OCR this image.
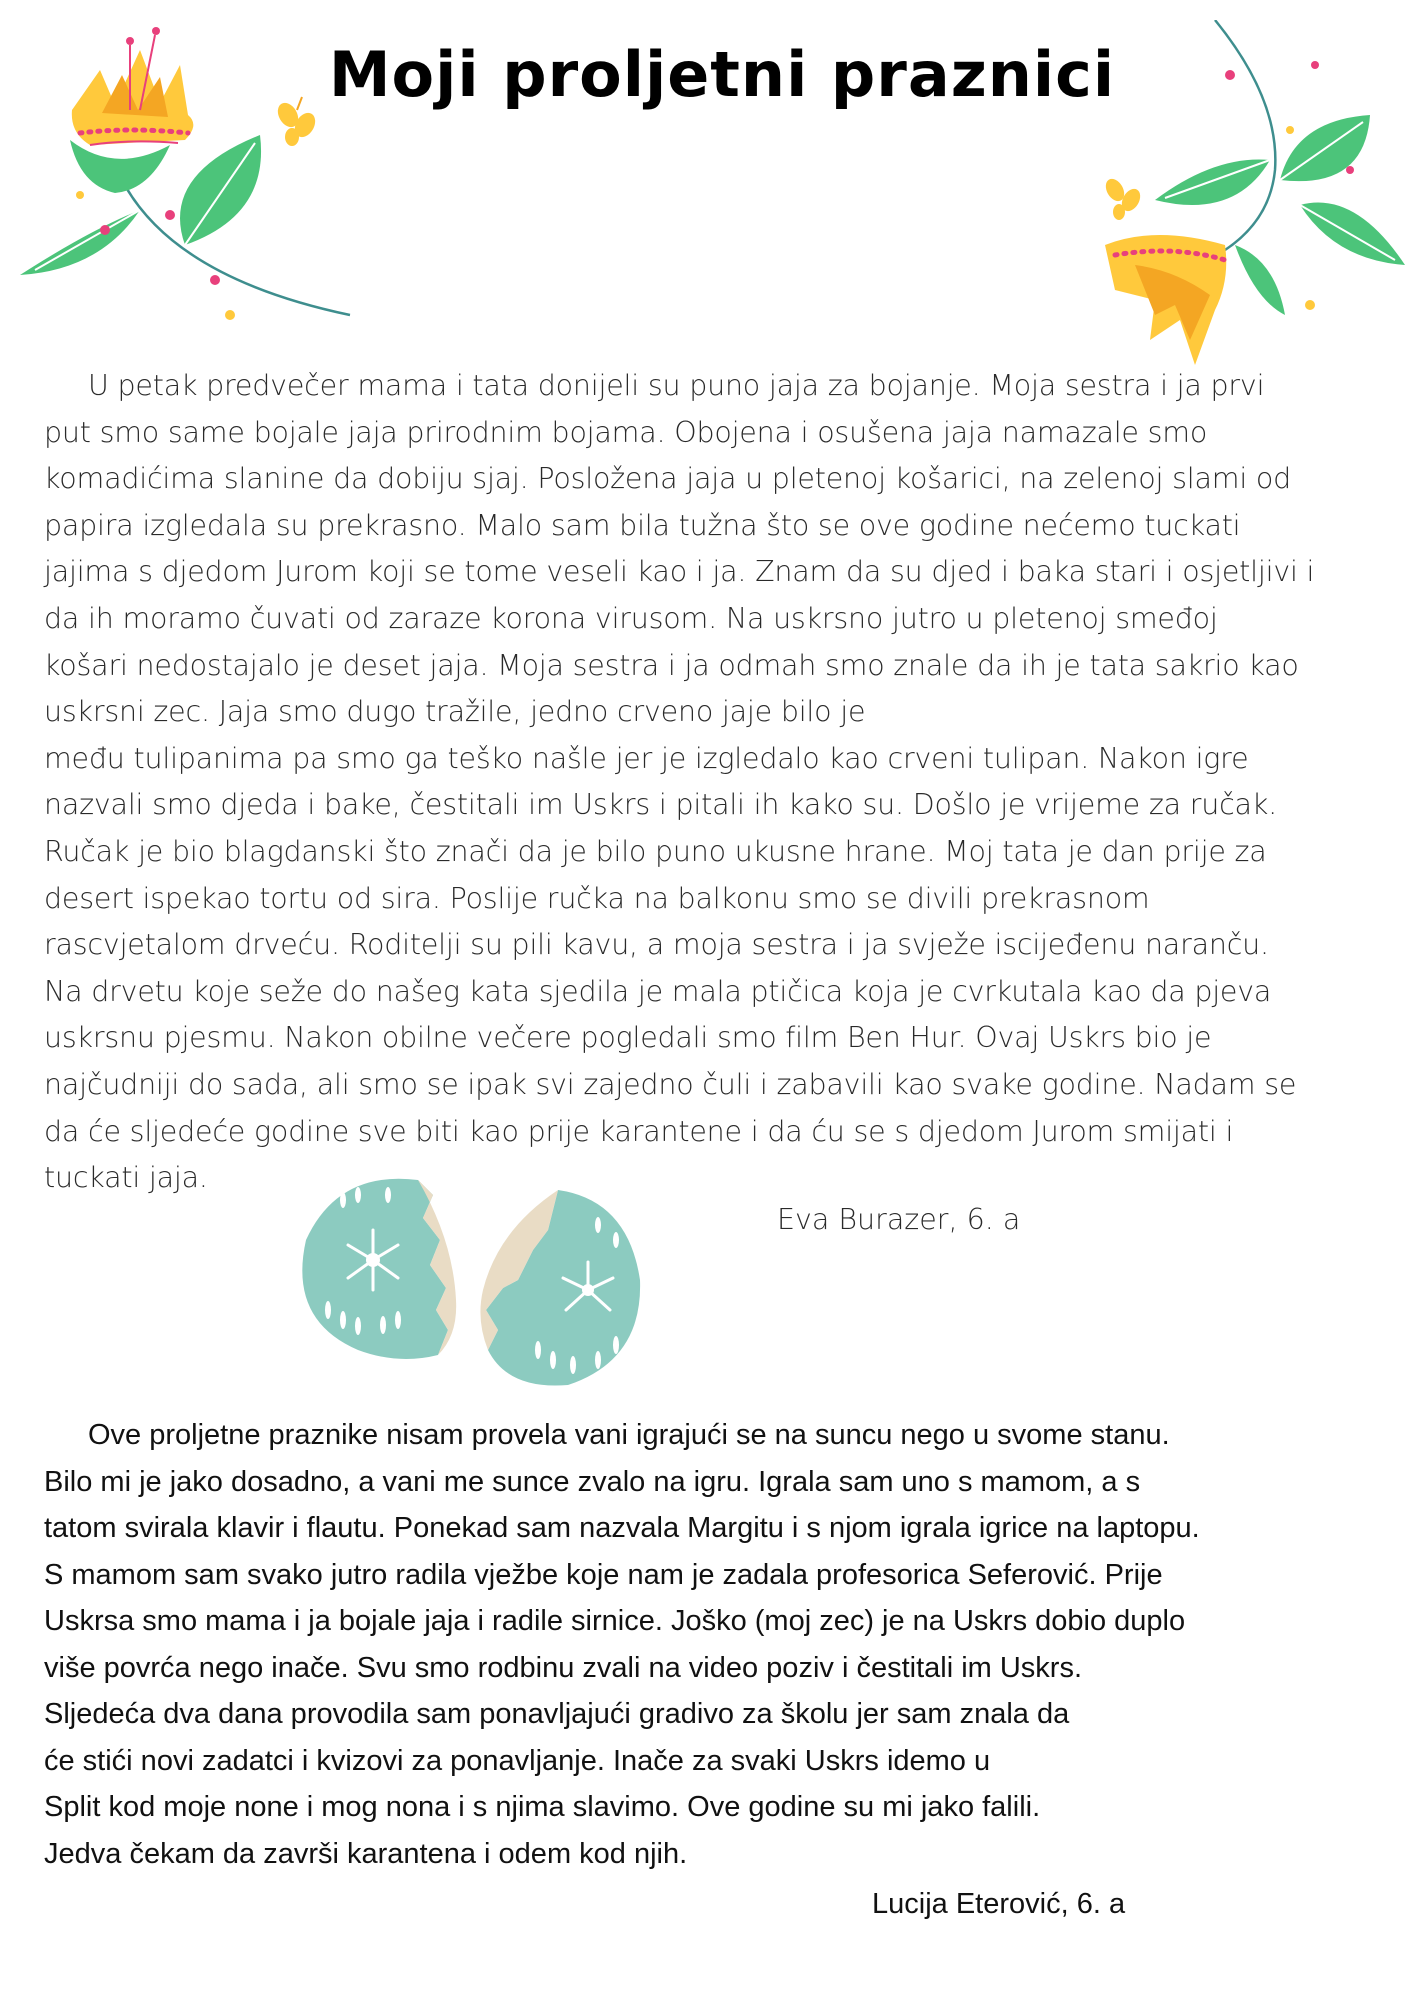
Moji proljetni praznici
U petak predvečer mama i tata donijeli su puno jaja za bojanje. Moja sestra i ja prvi
put smo same bojale jaja prirodnim bojama. Obojena i osušena jaja namazale smo
komadićima slanine da dobiju sjaj. Posložena jaja u pletenoj košarici, na zelenoj slami od
papira izgledala su prekrasno. Malo sam bila tužna što se ove godine nećemo tuckati
jajima s djedom Jurom koji se tome veseli kao i ja. Znam da su djed i baka stari i osjetljivi i
da ih moramo čuvati od zaraze korona virusom. Na uskrsno jutro u pletenoj smeđoj
košari nedostajalo je deset jaja. Moja sestra i ja odmah smo znale da ih je tata sakrio kao
uskrsni zec. Jaja smo dugo tražile, jedno crveno jaje bilo je
među tulipanima pa smo ga teško našle jer je izgledalo kao crveni tulipan. Nakon igre
nazvali smo djeda i bake, čestitali im Uskrs i pitali ih kako su. Došlo je vrijeme za ručak.
Ručak je bio blagdanski što znači da je bilo puno ukusne hrane. Moj tata je dan prije za
desert ispekao tortu od sira. Poslije ručka na balkonu smo se divili prekrasnom
rascvjetalom drveću. Roditelji su pili kavu, a moja sestra i ja svježe iscijeđenu naranču.
Na drvetu koje seže do našeg kata sjedila je mala ptičica koja je cvrkutala kao da pjeva
uskrsnu pjesmu. Nakon obilne večere pogledali smo film Ben Hur. Ovaj Uskrs bio je
najčudniji do sada, ali smo se ipak svi zajedno čuli i zabavili kao svake godine. Nadam se
da će sljedeće godine sve biti kao prije karantene i da ću se s djedom Jurom smijati i
tuckati jaja.

Eva Burazer, 6. a

Ove proljetne praznike nisam provela vani igrajući se na suncu nego u svome stanu.
Bilo mi je jako dosadno, a vani me sunce zvalo na igru. Igrala sam uno s mamom, a s
tatom svirala klavir i flautu. Ponekad sam nazvala Margitu i s njom igrala igrice na laptopu.
S mamom sam svako jutro radila vježbe koje nam je zadala profesorica Seferović. Prije
Uskrsa smo mama i ja bojale jaja i radile sirnice. Joško (moj zec) je na Uskrs dobio duplo
više povrća nego inače. Svu smo rodbinu zvali na video poziv i čestitali im Uskrs.
Sljedeća dva dana provodila sam ponavljajući gradivo za školu jer sam znala da
će stići novi zadatci i kvizovi za ponavljanje. Inače za svaki Uskrs idemo u
Split kod moje none i mog nona i s njima slavimo. Ove godine su mi jako falili.
Jedva čekam da završi karantena i odem kod njih.

Lucija Eterović, 6. a
